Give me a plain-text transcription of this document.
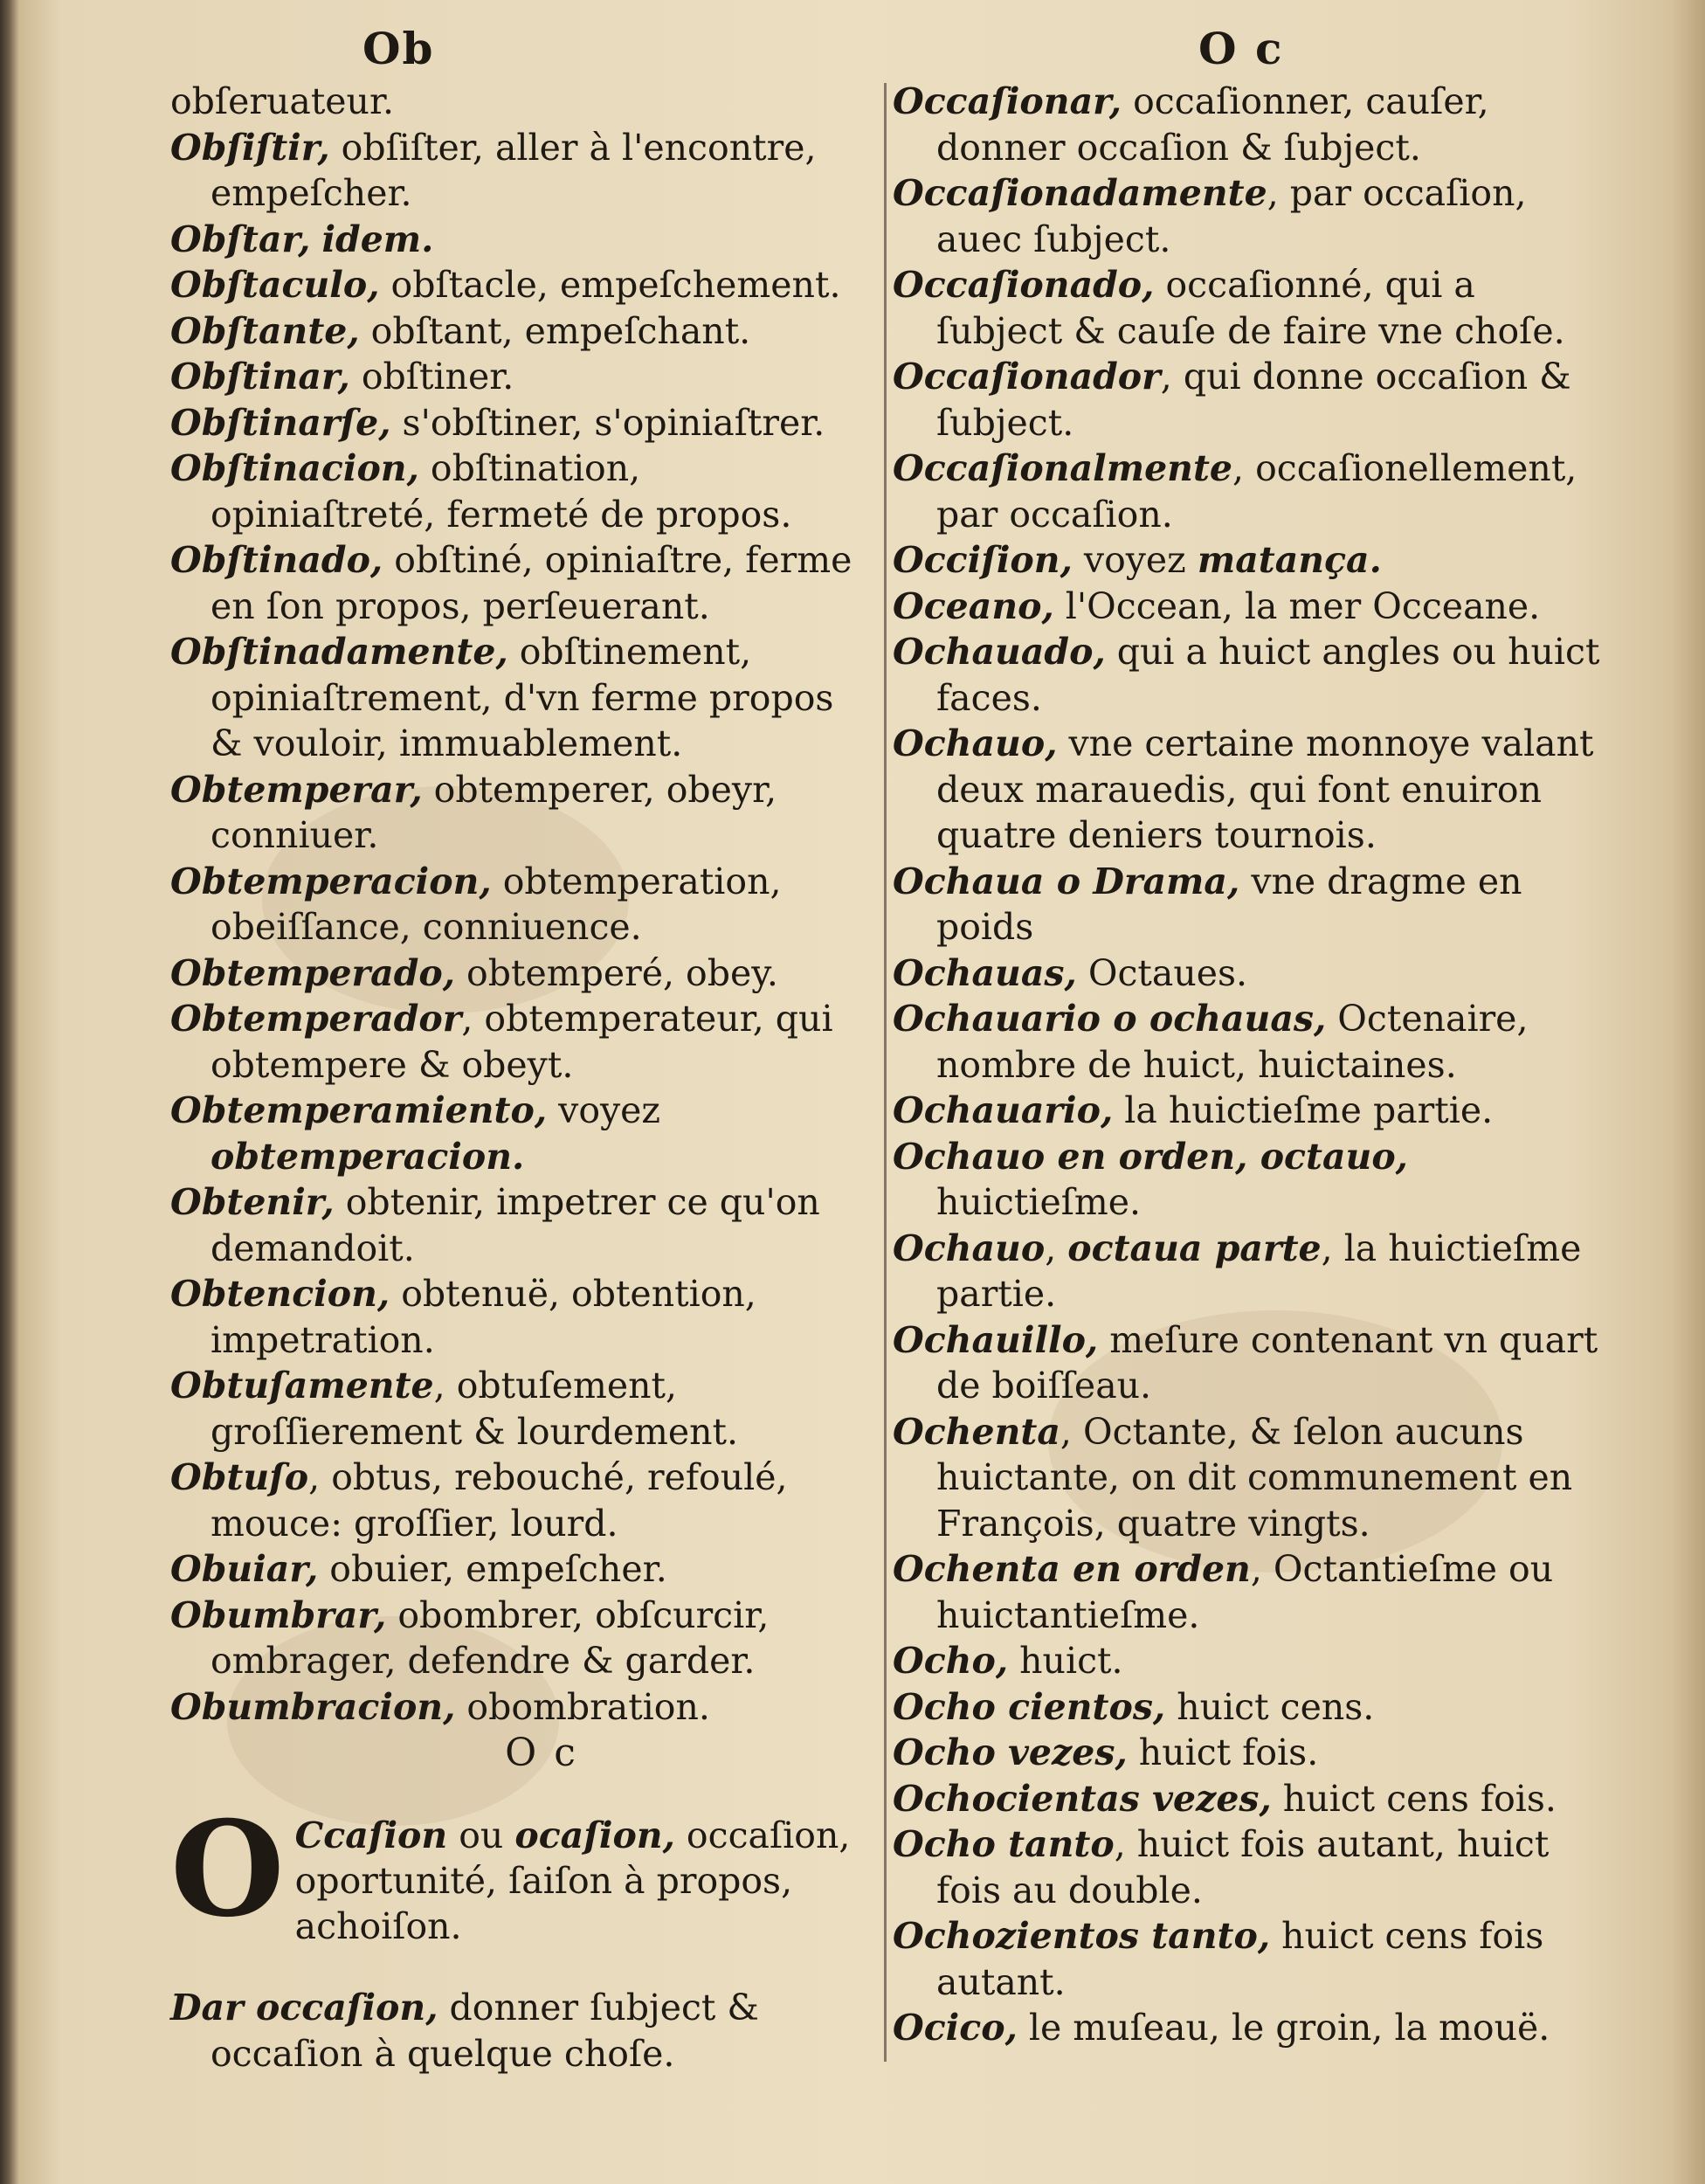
Ob

obſeruateur.

Obſiſtir, obſiſter, aller à l'encontre, empeſcher.

Obſtar, idem.

Obſtaculo, obſtacle, empeſchement.

Obſtante, obſtant, empeſchant.

Obſtinar, obſtiner.

Obſtinarſe, s'obſtiner, s'opiniaſtrer.

Obſtinacion, obſtination, opiniaſtreté, fermeté de propos.

Obſtinado, obſtiné, opiniaſtre, ferme en ſon propos, perſeuerant.

Obſtinadamente, obſtinement, opiniaſtrement, d'vn ferme propos & vouloir, immuablement.

Obtemperar, obtemperer, obeyr, conniuer.

Obtemperacion, obtemperation, obeiſſance, conniuence.

Obtemperado, obtemperé, obey.

Obtemperador, obtemperateur, qui obtempere & obeyt.

Obtemperamiento, voyez obtemperacion.

Obtenir, obtenir, impetrer ce qu'on demandoit.

Obtencion, obtenuë, obtention, impetration.

Obtuſamente, obtuſement, groſſierement & lourdement.

Obtuſo, obtus, rebouché, refoulé, mouce: groſſier, lourd.

Obuiar, obuier, empeſcher.

Obumbrar, obombrer, obſcurcir, ombrager, defendre & garder.

Obumbracion, obombration.

O c

O Ccaſion ou ocaſion, occaſion, oportunité, ſaiſon à propos, achoiſon.

Dar occaſion, donner ſubject & occaſion à quelque choſe.

O c

Occaſionar, occaſionner, cauſer, donner occaſion & ſubject.

Occaſionadamente, par occaſion, auec ſubject.

Occaſionado, occaſionné, qui a ſubject & cauſe de faire vne choſe.

Occaſionador, qui donne occaſion & ſubject.

Occaſionalmente, occaſionellement, par occaſion.

Occiſion, voyez matança.

Oceano, l'Occean, la mer Occeane.

Ochauado, qui a huict angles ou huict faces.

Ochauo, vne certaine monnoye valant deux marauedis, qui font enuiron quatre deniers tournois.

Ochaua o Drama, vne dragme en poids

Ochauas, Octaues.

Ochauario o ochauas, Octenaire, nombre de huict, huictaines.

Ochauario, la huictieſme partie.

Ochauo en orden, octauo, huictieſme.

Ochauo, octaua parte, la huictieſme partie.

Ochauillo, meſure contenant vn quart de boiſſeau.

Ochenta, Octante, & ſelon aucuns huictante, on dit communement en François, quatre vingts.

Ochenta en orden, Octantieſme ou huictantieſme.

Ocho, huict.

Ocho cientos, huict cens.

Ocho vezes, huict fois.

Ochocientas vezes, huict cens fois.

Ocho tanto, huict fois autant, huict fois au double.

Ochozientos tanto, huict cens fois autant.

Ocico, le muſeau, le groin, la mouë.
